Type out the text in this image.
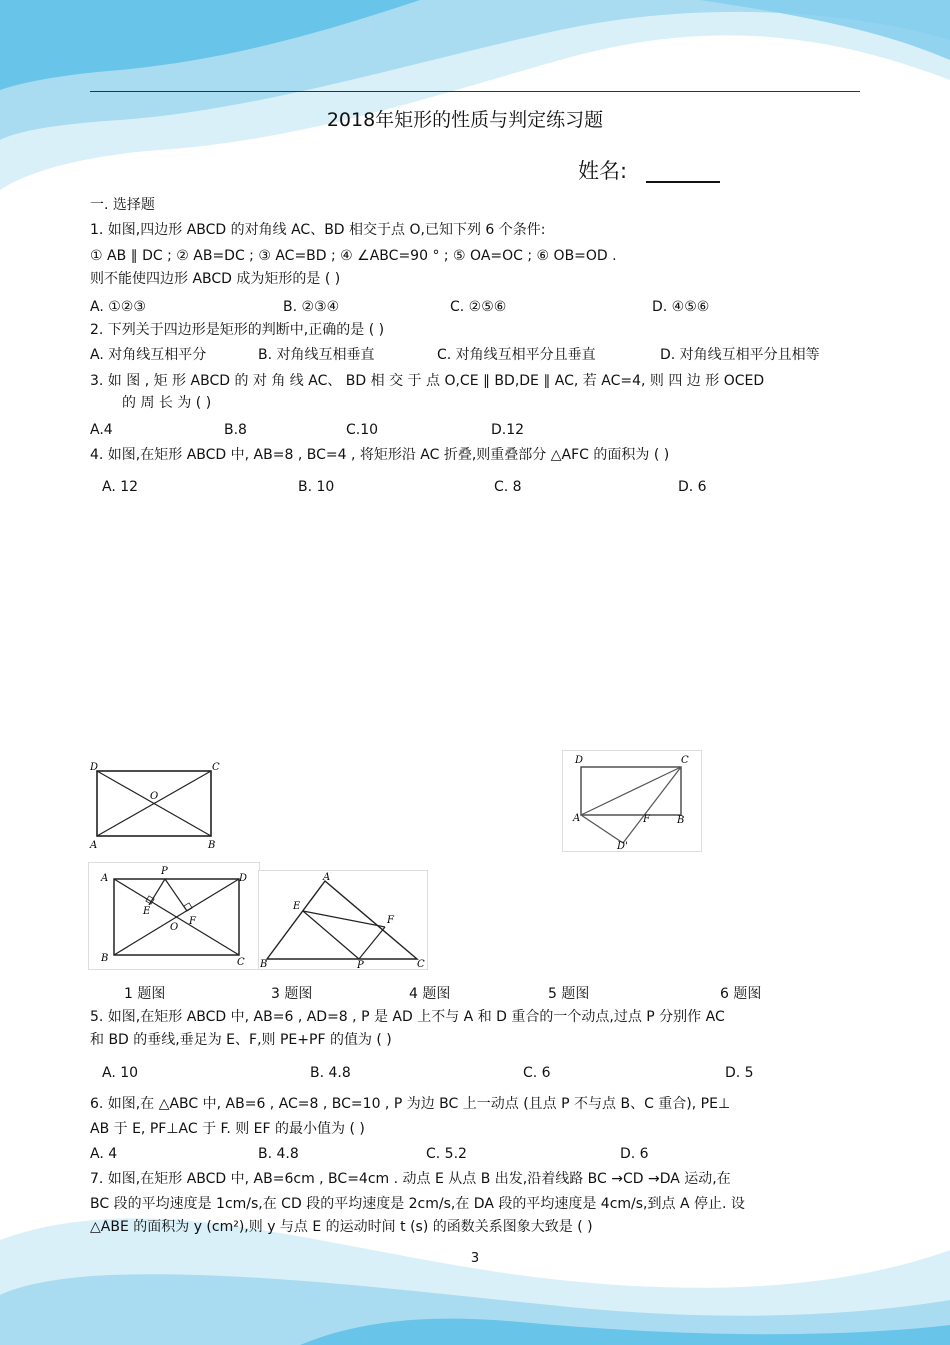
2018年矩形的性质与判定练习题
姓名:
一. 选择题
1. 如图,四边形 ABCD 的对角线 AC、BD 相交于点 O,已知下列 6 个条件:
① AB ∥ DC ; ② AB=DC ; ③ AC=BD ; ④ ∠ABC=90 ° ; ⑤ OA=OC ; ⑥ OB=OD .
则不能使四边形 ABCD 成为矩形的是 ( )
A. ①②③	B. ②③④	C. ②⑤⑥	D. ④⑤⑥
2. 下列关于四边形是矩形的判断中,正确的是 ( )
A. 对角线互相平分	B. 对角线互相垂直	C. 对角线互相平分且垂直	D. 对角线互相平分且相等
3. 如 图 , 矩 形 ABCD 的 对 角 线 AC、 BD 相 交 于 点 O,CE ∥ BD,DE ∥ AC, 若 AC=4, 则 四 边 形 OCED
的 周 长 为 ( )
A.4	B.8	C.10	D.12
4. 如图,在矩形 ABCD 中, AB=8 , BC=4 , 将矩形沿 AC 折叠,则重叠部分 △AFC 的面积为 ( )
A. 12	B. 10	C. 8	D. 6
D	C
A	B
O
D	C
A	B
F
D'
A	D
B	C
P
E
F
O
A
B	C
E
F
P
1 题图	3 题图	4 题图	5 题图	6 题图
5. 如图,在矩形 ABCD 中, AB=6 , AD=8 , P 是 AD 上不与 A 和 D 重合的一个动点,过点 P 分别作 AC
和 BD 的垂线,垂足为 E、F,则 PE+PF 的值为 ( )
A. 10	B. 4.8	C. 6	D. 5
6. 如图,在 △ABC 中, AB=6 , AC=8 , BC=10 , P 为边 BC 上一动点 (且点 P 不与点 B、C 重合), PE⊥
AB 于 E, PF⊥AC 于 F. 则 EF 的最小值为 ( )
A. 4	B. 4.8	C. 5.2	D. 6
7. 如图,在矩形 ABCD 中, AB=6cm , BC=4cm . 动点 E 从点 B 出发,沿着线路 BC →CD →DA 运动,在
BC 段的平均速度是 1cm/s,在 CD 段的平均速度是 2cm/s,在 DA 段的平均速度是 4cm/s,到点 A 停止. 设
△ABE 的面积为 y (cm²),则 y 与点 E 的运动时间 t (s) 的函数关系图象大致是 ( )
3
